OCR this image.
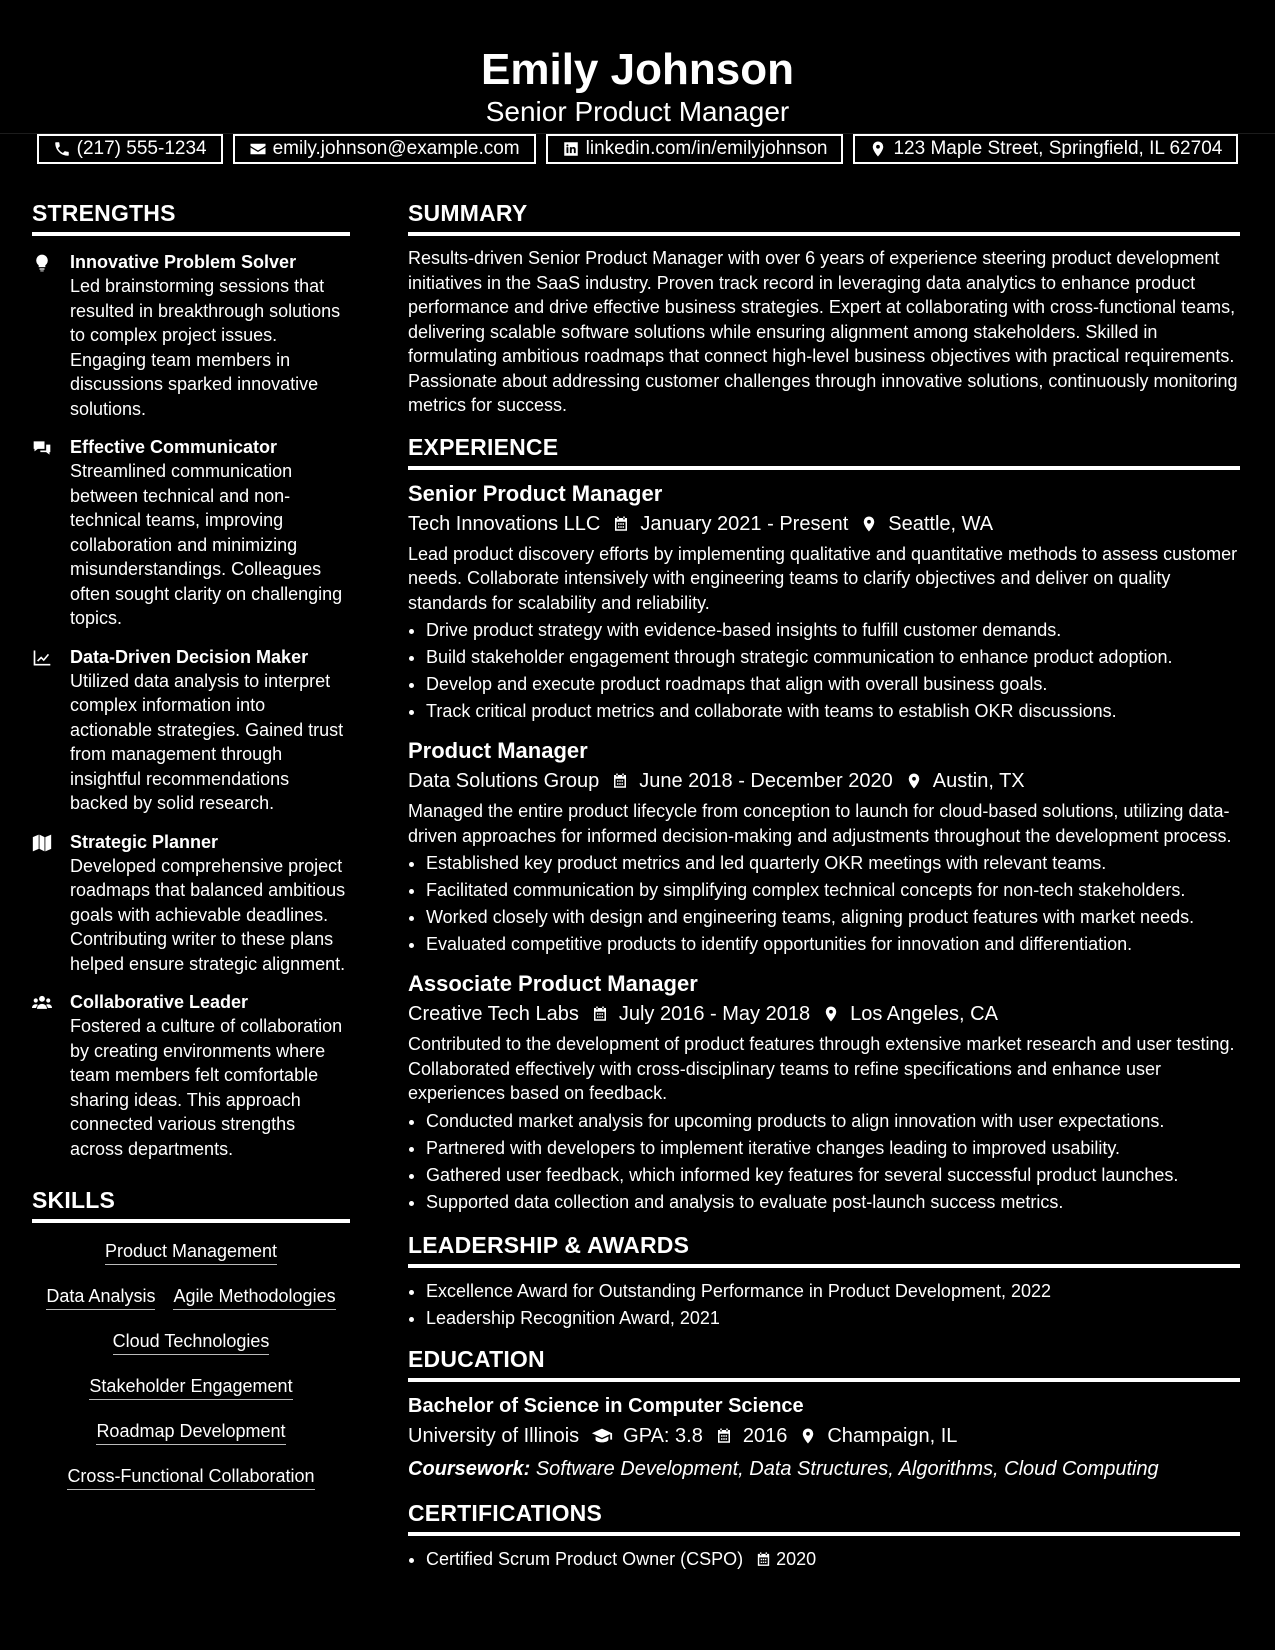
Emily Johnson
Senior Product Manager
(217) 555-1234	emily.johnson@example.com	linkedin.com/in/emilyjohnson	123 Maple Street, Springfield, IL 62704
STRENGTHS
Innovative Problem Solver
Led brainstorming sessions that resulted in breakthrough solutions to complex project issues. Engaging team members in discussions sparked innovative solutions.
Effective Communicator
Streamlined communication between technical and non-technical teams, improving collaboration and minimizing misunderstandings. Colleagues often sought clarity on challenging topics.
Data-Driven Decision Maker
Utilized data analysis to interpret complex information into actionable strategies. Gained trust from management through insightful recommendations backed by solid research.
Strategic Planner
Developed comprehensive project roadmaps that balanced ambitious goals with achievable deadlines. Contributing writer to these plans helped ensure strategic alignment.
Collaborative Leader
Fostered a culture of collaboration by creating environments where team members felt comfortable sharing ideas. This approach connected various strengths across departments.
SKILLS
Product Management
Data Analysis Agile Methodologies
Cloud Technologies
Stakeholder Engagement
Roadmap Development
Cross-Functional Collaboration
SUMMARY

Results-driven Senior Product Manager with over 6 years of experience steering product development initiatives in the SaaS industry. Proven track record in leveraging data analytics to enhance product performance and drive effective business strategies. Expert at collaborating with cross-functional teams, delivering scalable software solutions while ensuring alignment among stakeholders. Skilled in formulating ambitious roadmaps that connect high-level business objectives with practical requirements. Passionate about addressing customer challenges through innovative solutions, continuously monitoring metrics for success.

EXPERIENCE
Senior Product Manager
Tech Innovations LLC January 2021 - Present Seattle, WA

Lead product discovery efforts by implementing qualitative and quantitative methods to assess customer needs. Collaborate intensively with engineering teams to clarify objectives and deliver on quality standards for scalability and reliability.

• Drive product strategy with evidence-based insights to fulfill customer demands.
• Build stakeholder engagement through strategic communication to enhance product adoption.
• Develop and execute product roadmaps that align with overall business goals.
• Track critical product metrics and collaborate with teams to establish OKR discussions.
Product Manager
Data Solutions Group June 2018 - December 2020 Austin, TX

Managed the entire product lifecycle from conception to launch for cloud-based solutions, utilizing data-driven approaches for informed decision-making and adjustments throughout the development process.

• Established key product metrics and led quarterly OKR meetings with relevant teams.
• Facilitated communication by simplifying complex technical concepts for non-tech stakeholders.
• Worked closely with design and engineering teams, aligning product features with market needs.
• Evaluated competitive products to identify opportunities for innovation and differentiation.
Associate Product Manager
Creative Tech Labs July 2016 - May 2018 Los Angeles, CA

Contributed to the development of product features through extensive market research and user testing. Collaborated effectively with cross-disciplinary teams to refine specifications and enhance user experiences based on feedback.

• Conducted market analysis for upcoming products to align innovation with user expectations.
• Partnered with developers to implement iterative changes leading to improved usability.
• Gathered user feedback, which informed key features for several successful product launches.
• Supported data collection and analysis to evaluate post-launch success metrics.
LEADERSHIP & AWARDS
• Excellence Award for Outstanding Performance in Product Development, 2022
• Leadership Recognition Award, 2021
EDUCATION
Bachelor of Science in Computer Science
University of Illinois GPA: 3.8 2016 Champaign, IL
Coursework: Software Development, Data Structures, Algorithms, Cloud Computing
CERTIFICATIONS
• Certified Scrum Product Owner (CSPO) 2020
